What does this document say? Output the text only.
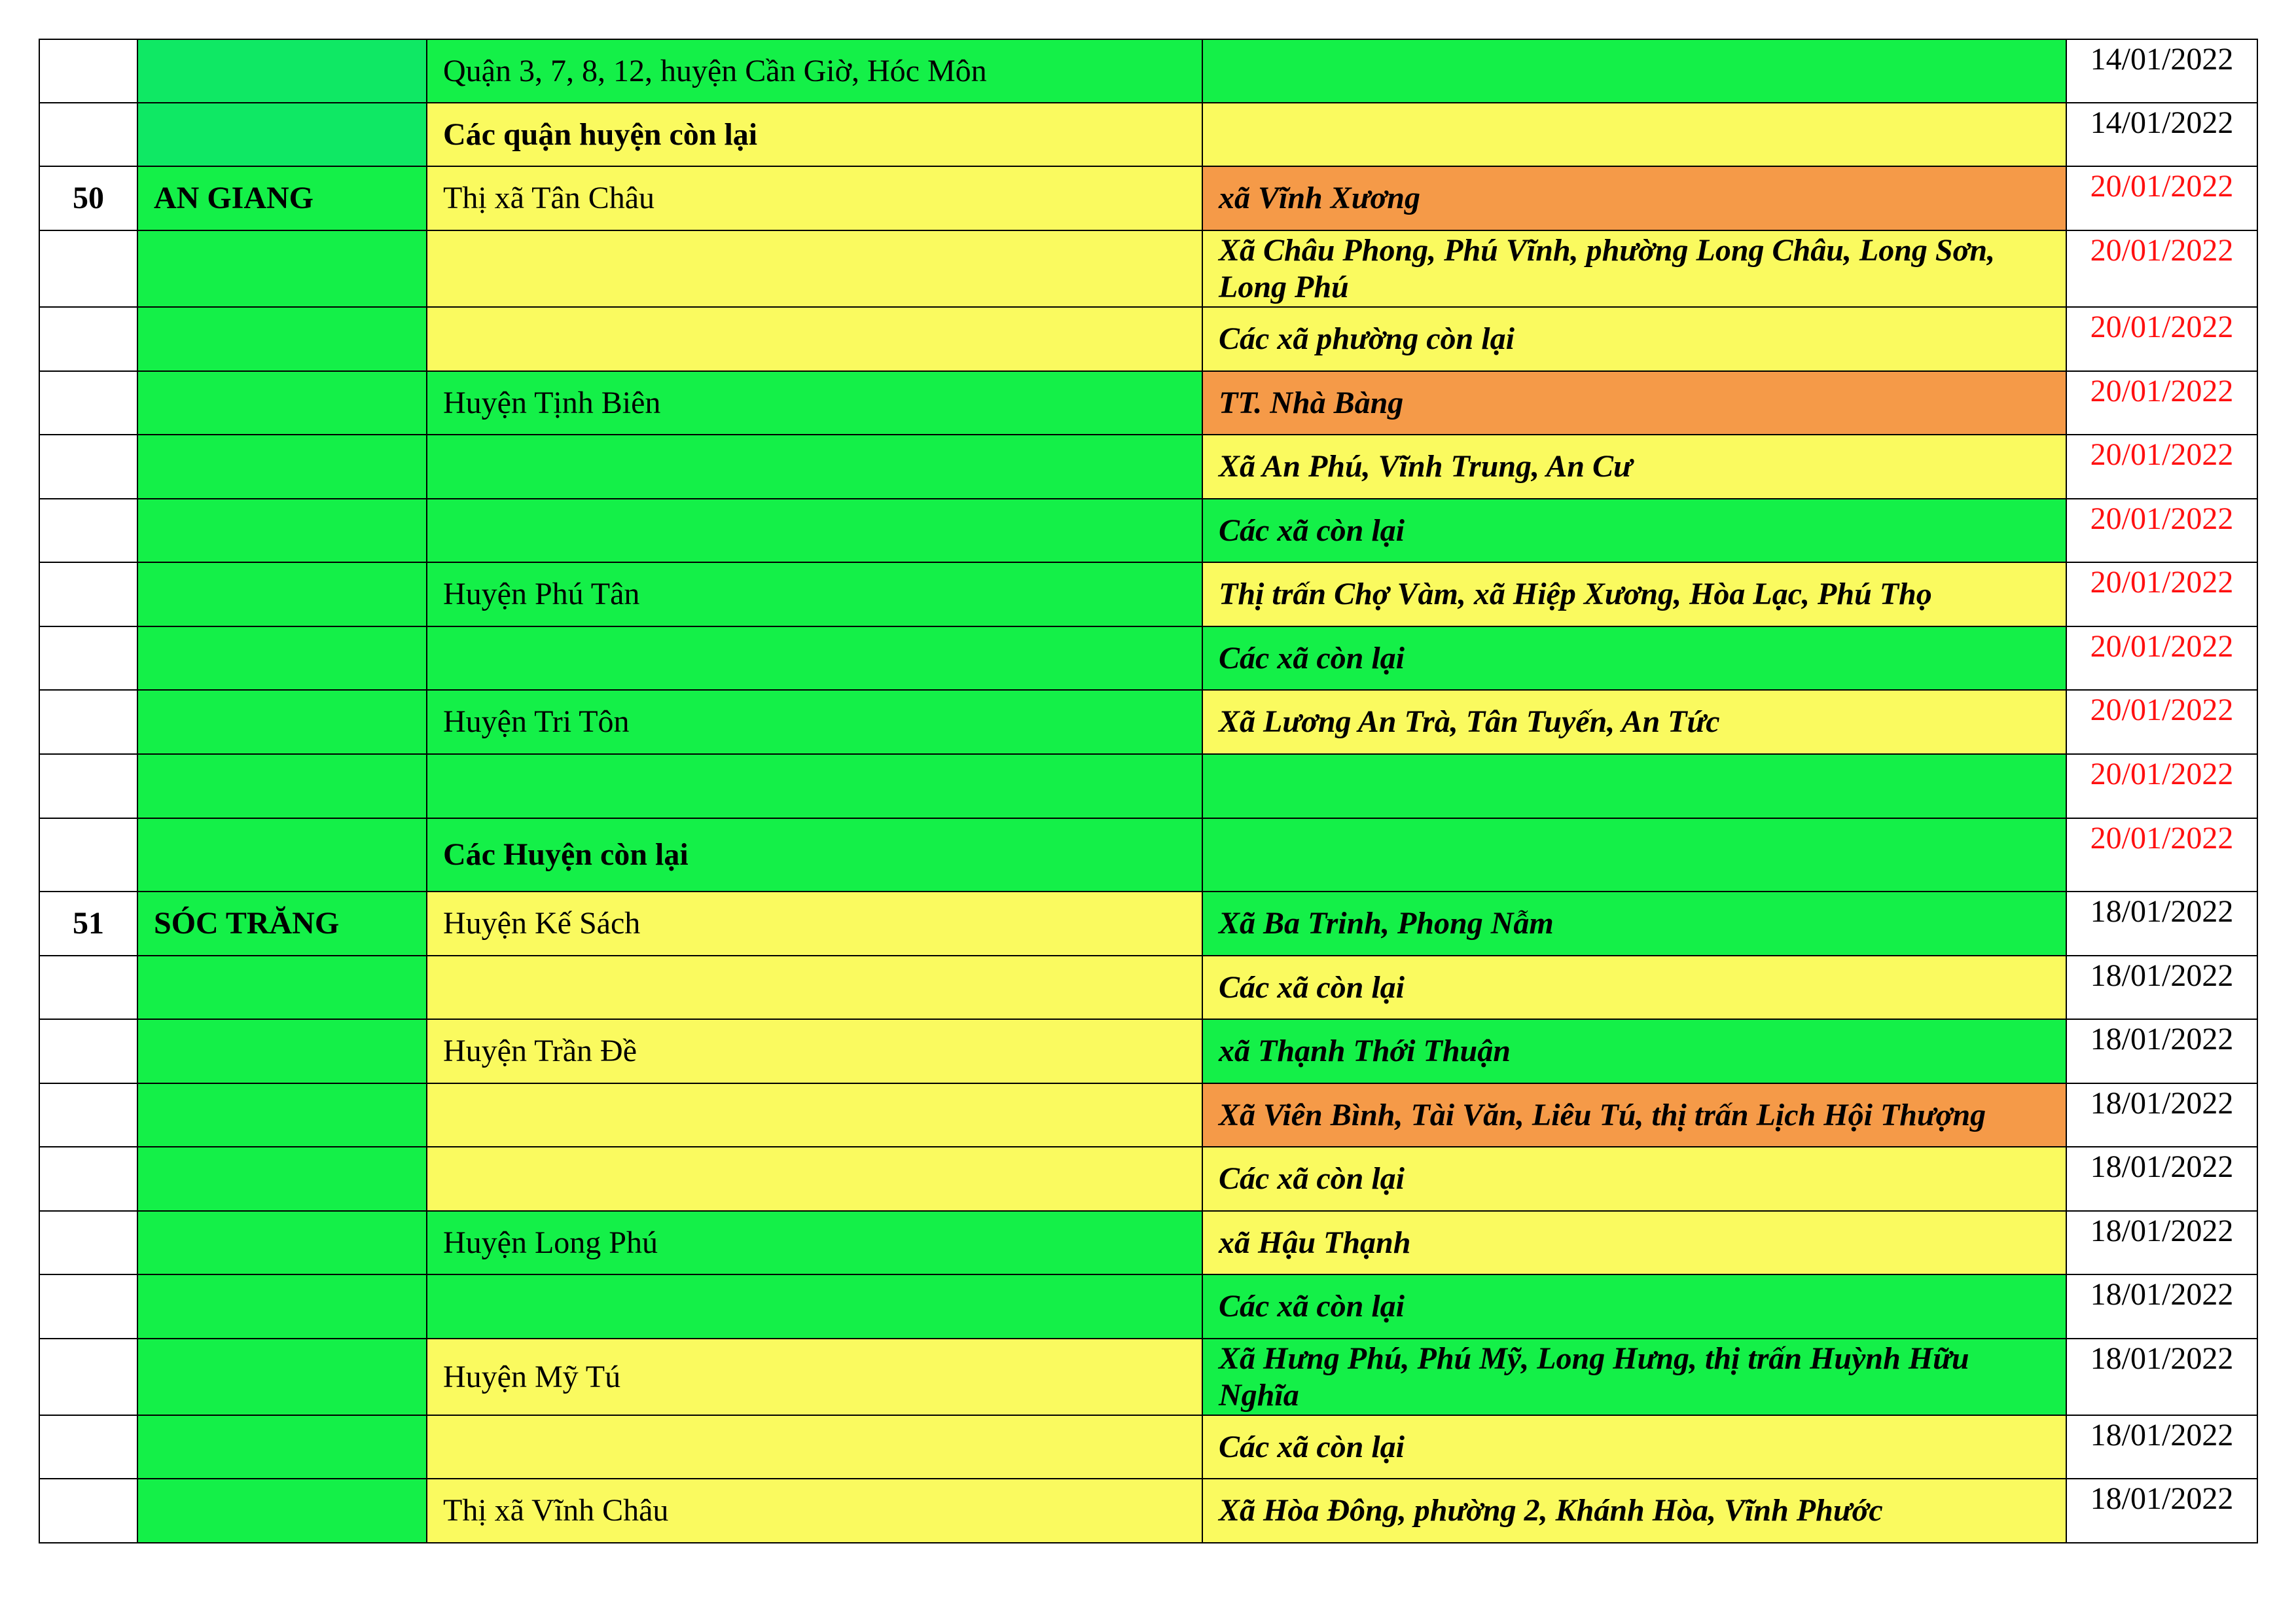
		Quận 3, 7, 8, 12, huyện Cần Giờ, Hóc Môn		14/01/2022
		Các quận huyện còn lại		14/01/2022
50	AN GIANG	Thị xã Tân Châu	xã Vĩnh Xương	20/01/2022
			Xã Châu Phong, Phú Vĩnh, phường Long Châu, Long Sơn, Long Phú	20/01/2022
			Các xã phường còn lại	20/01/2022
		Huyện Tịnh Biên	TT. Nhà Bàng	20/01/2022
			Xã An Phú, Vĩnh Trung, An Cư	20/01/2022
			Các xã còn lại	20/01/2022
		Huyện Phú Tân	Thị trấn Chợ Vàm, xã Hiệp Xương, Hòa Lạc, Phú Thọ	20/01/2022
			Các xã còn lại	20/01/2022
		Huyện Tri Tôn	Xã Lương An Trà, Tân Tuyến, An Tức	20/01/2022
				20/01/2022
		Các Huyện còn lại		20/01/2022
51	SÓC TRĂNG	Huyện Kế Sách	Xã Ba Trinh, Phong Nẫm	18/01/2022
			Các xã còn lại	18/01/2022
		Huyện Trần Đề	xã Thạnh Thới Thuận	18/01/2022
			Xã Viên Bình, Tài Văn, Liêu Tú, thị trấn Lịch Hội Thượng	18/01/2022
			Các xã còn lại	18/01/2022
		Huyện Long Phú	xã Hậu Thạnh	18/01/2022
			Các xã còn lại	18/01/2022
		Huyện Mỹ Tú	Xã Hưng Phú, Phú Mỹ, Long Hưng, thị trấn Huỳnh Hữu Nghĩa	18/01/2022
			Các xã còn lại	18/01/2022
		Thị xã Vĩnh Châu	Xã Hòa Đông, phường 2, Khánh Hòa, Vĩnh Phước	18/01/2022
